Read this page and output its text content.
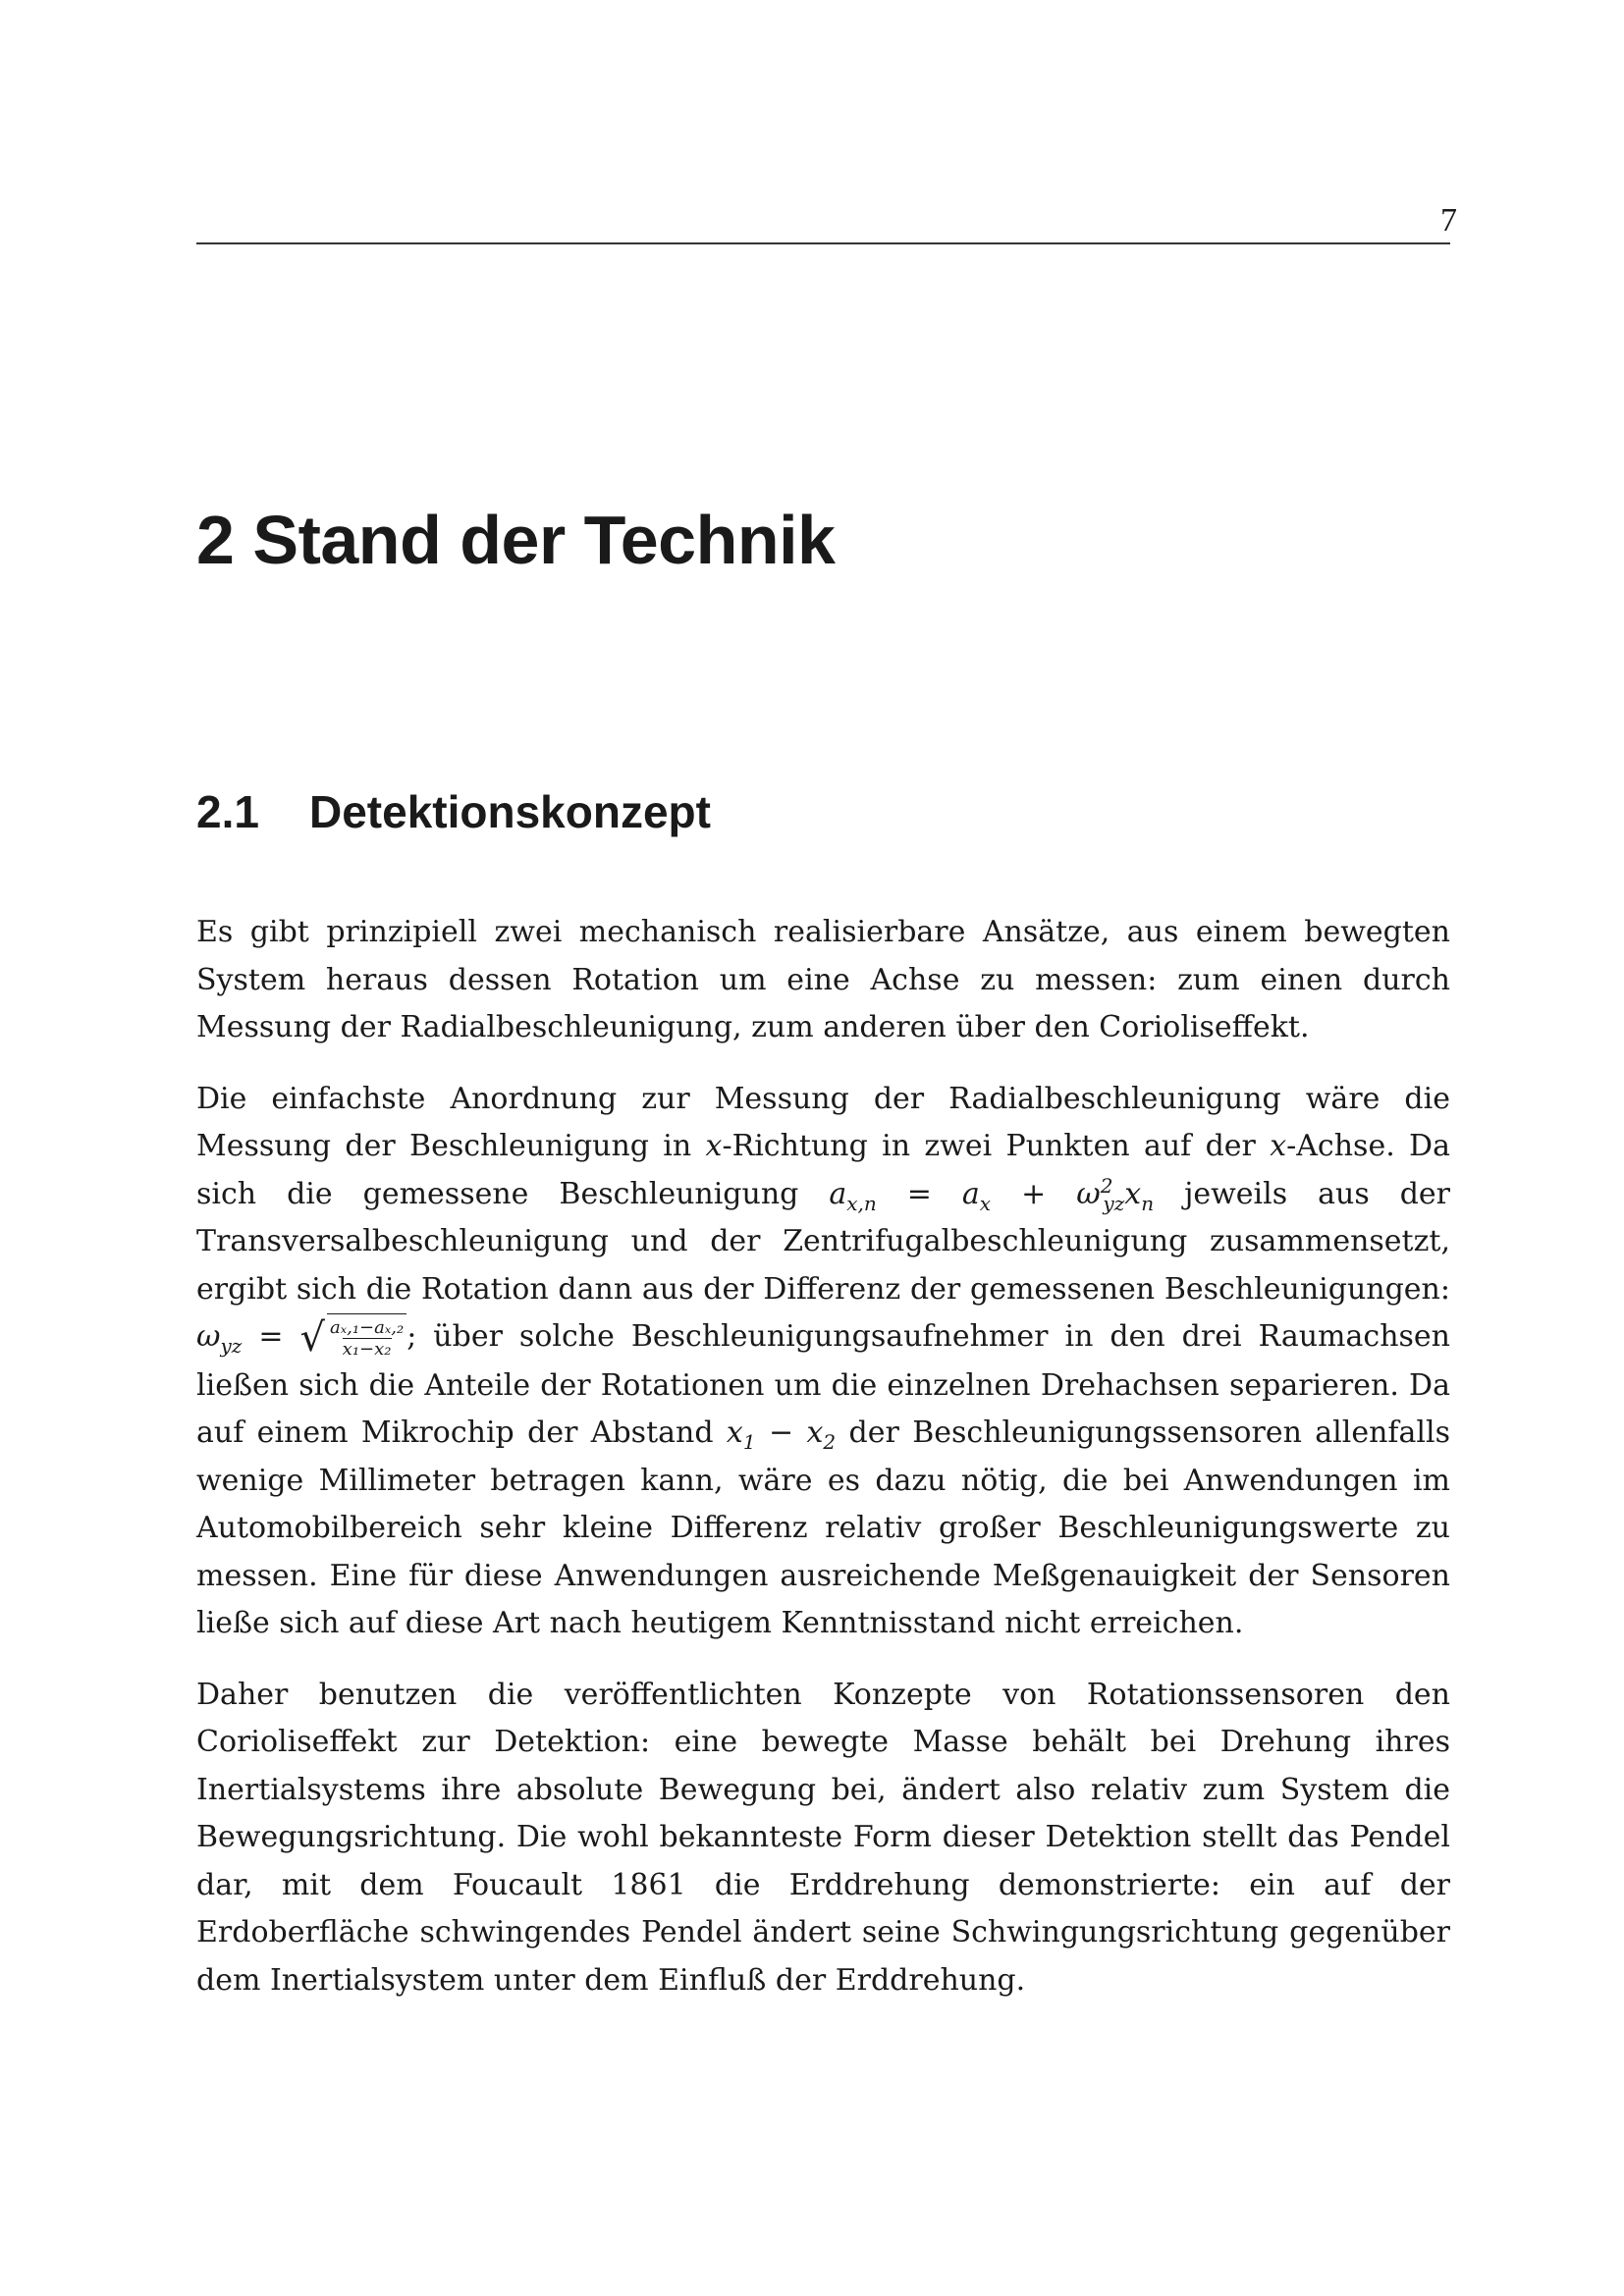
7
2 Stand der Technik
2.1 Detektionskonzept

Es gibt prinzipiell zwei mechanisch realisierbare Ansätze, aus einem bewegten System heraus dessen Rotation um eine Achse zu messen: zum einen durch Messung der Radialbeschleunigung, zum anderen über den Corioliseffekt.

Die einfachste Anordnung zur Messung der Radialbeschleunigung wäre die Messung der Beschleunigung in x-Richtung in zwei Punkten auf der x-Achse. Da sich die gemessene Beschleunigung $a_{x,n} = a_x + \omega^2_{yz}x_n$ jeweils aus der Transversalbeschleunigung und der Zentrifugalbeschleunigung zusammensetzt, ergibt sich die Rotation dann aus der Differenz der gemessenen Beschleunigungen: $\omega_{yz}$ = √ $\frac{\text{aₓ,₁−aₓ,₂}}{\text{x₁−x₂}}$ ; über solche Beschleunigungsaufnehmer in den drei Raumachsen ließen sich die Anteile der Rotationen um die einzelnen Drehachsen separieren. Da auf einem Mikrochip der Abstand $x_1 - x_2$ der Beschleunigungssensoren allenfalls wenige Millimeter betragen kann, wäre es dazu nötig, die bei Anwendungen im Automobilbereich sehr kleine Differenz relativ großer Beschleunigungswerte zu messen. Eine für diese Anwendungen ausreichende Meßgenauigkeit der Sensoren ließe sich auf diese Art nach heutigem Kenntnisstand nicht erreichen.

Daher benutzen die veröffentlichten Konzepte von Rotationssensoren den Corioliseffekt zur Detektion: eine bewegte Masse behält bei Drehung ihres Inertialsystems ihre absolute Bewegung bei, ändert also relativ zum System die Bewegungsrichtung. Die wohl bekannteste Form dieser Detektion stellt das Pendel dar, mit dem Foucault 1861 die Erddrehung demonstrierte: ein auf der Erdoberfläche schwingendes Pendel ändert seine Schwingungsrichtung gegenüber dem Inertialsystem unter dem Einfluß der Erddrehung.
